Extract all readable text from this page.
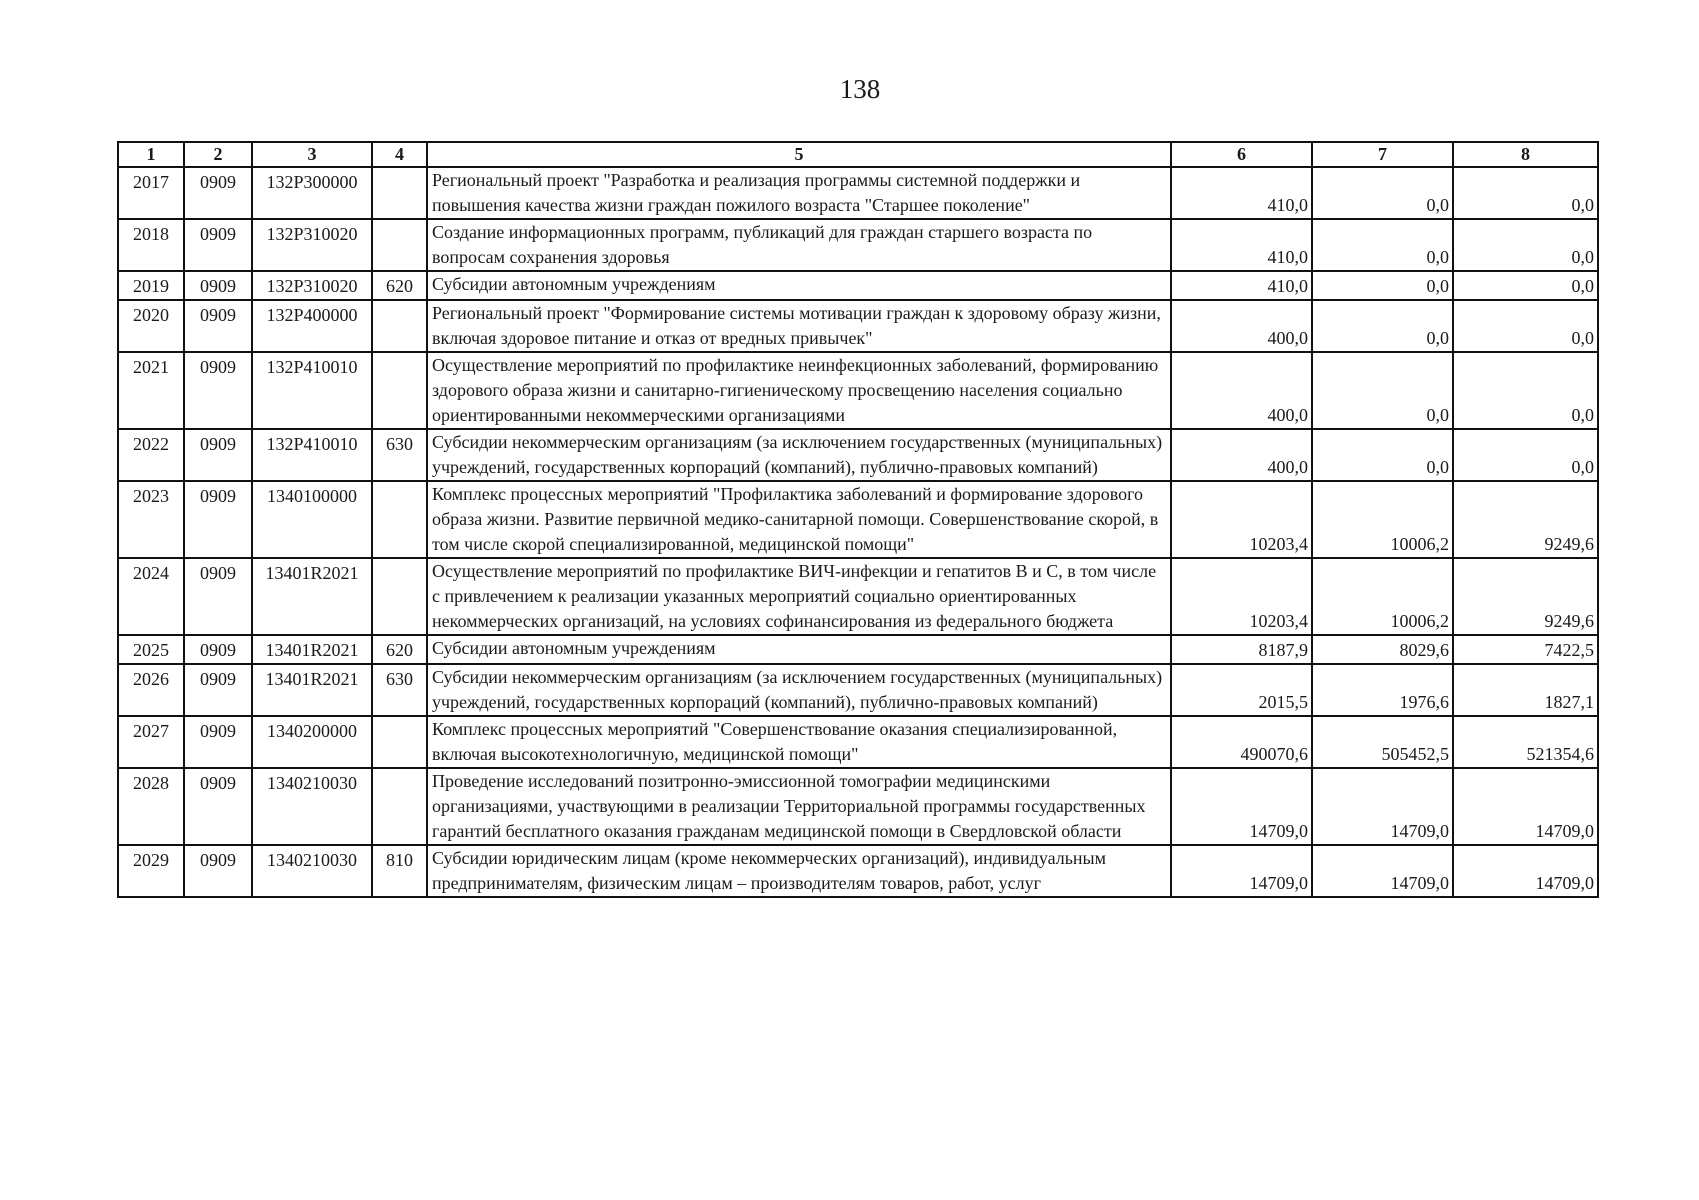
138
1	2	3	4	5	6	7	8
2017	0909	132P300000		Региональный проект "Разработка и реализация программы системной поддержки и повышения качества жизни граждан пожилого возраста "Старшее поколение"	410,0	0,0	0,0
2018	0909	132P310020		Создание информационных программ, публикаций для граждан старшего возраста по вопросам сохранения здоровья	410,0	0,0	0,0
2019	0909	132P310020	620	Субсидии автономным учреждениям	410,0	0,0	0,0
2020	0909	132P400000		Региональный проект "Формирование системы мотивации граждан к здоровому образу жизни, включая здоровое питание и отказ от вредных привычек"	400,0	0,0	0,0
2021	0909	132P410010		Осуществление мероприятий по профилактике неинфекционных заболеваний, формированию здорового образа жизни и санитарно-гигиеническому просвещению населения социально ориентированными некоммерческими организациями	400,0	0,0	0,0
2022	0909	132P410010	630	Субсидии некоммерческим организациям (за исключением государственных (муниципальных) учреждений, государственных корпораций (компаний), публично-правовых компаний)	400,0	0,0	0,0
2023	0909	1340100000		Комплекс процессных мероприятий "Профилактика заболеваний и формирование здорового образа жизни. Развитие первичной медико-санитарной помощи. Совершенствование скорой, в том числе скорой специализированной, медицинской помощи"	10203,4	10006,2	9249,6
2024	0909	13401R2021		Осуществление мероприятий по профилактике ВИЧ-инфекции и гепатитов В и С, в том числе с привлечением к реализации указанных мероприятий социально ориентированных некоммерческих организаций, на условиях софинансирования из федерального бюджета	10203,4	10006,2	9249,6
2025	0909	13401R2021	620	Субсидии автономным учреждениям	8187,9	8029,6	7422,5
2026	0909	13401R2021	630	Субсидии некоммерческим организациям (за исключением государственных (муниципальных) учреждений, государственных корпораций (компаний), публично-правовых компаний)	2015,5	1976,6	1827,1
2027	0909	1340200000		Комплекс процессных мероприятий "Совершенствование оказания специализированной, включая высокотехнологичную, медицинской помощи"	490070,6	505452,5	521354,6
2028	0909	1340210030		Проведение исследований позитронно-эмиссионной томографии медицинскими организациями, участвующими в реализации Территориальной программы государственных гарантий бесплатного оказания гражданам медицинской помощи в Свердловской области	14709,0	14709,0	14709,0
2029	0909	1340210030	810	Субсидии юридическим лицам (кроме некоммерческих организаций), индивидуальным предпринимателям, физическим лицам – производителям товаров, работ, услуг	14709,0	14709,0	14709,0
